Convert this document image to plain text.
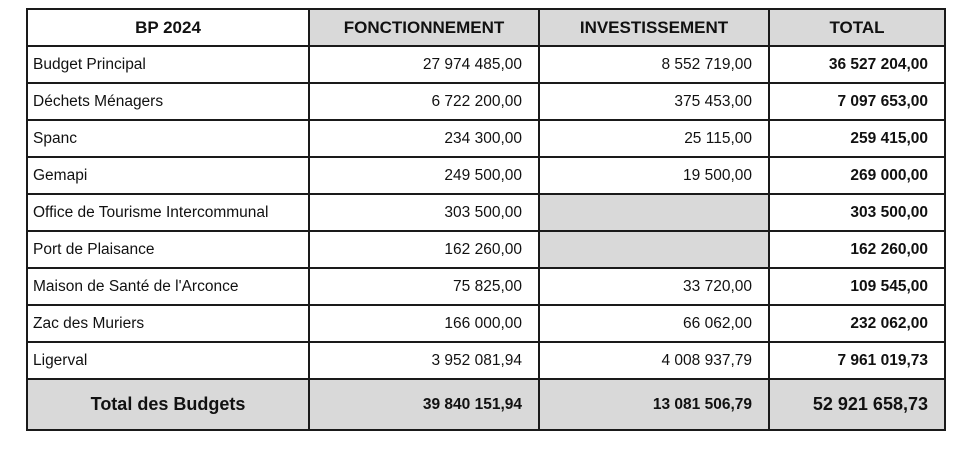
BP 2024	FONCTIONNEMENT	INVESTISSEMENT	TOTAL
Budget Principal	27 974 485,00	8 552 719,00	36 527 204,00
Déchets Ménagers	6 722 200,00	375 453,00	7 097 653,00
Spanc	234 300,00	25 115,00	259 415,00
Gemapi	249 500,00	19 500,00	269 000,00
Office de Tourisme Intercommunal	303 500,00		303 500,00
Port de Plaisance	162 260,00		162 260,00
Maison de Santé de l'Arconce	75 825,00	33 720,00	109 545,00
Zac des Muriers	166 000,00	66 062,00	232 062,00
Ligerval	3 952 081,94	4 008 937,79	7 961 019,73
Total des Budgets	39 840 151,94	13 081 506,79	52 921 658,73
